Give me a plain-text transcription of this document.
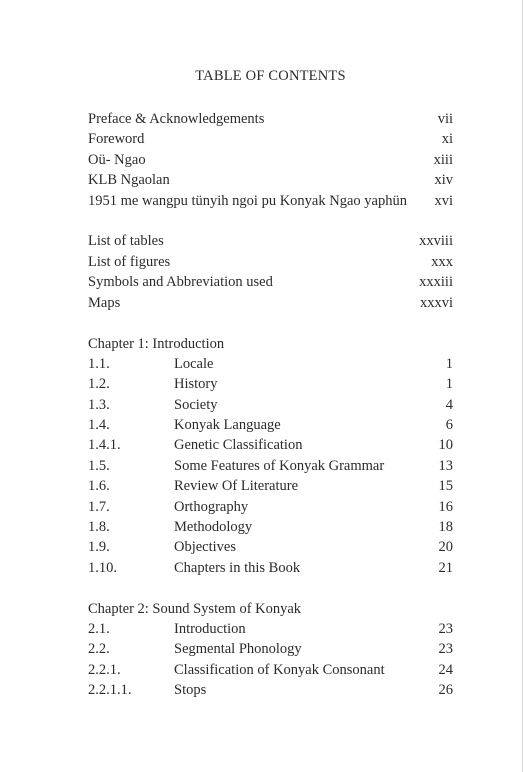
TABLE OF CONTENTS
Preface & Acknowledgements	vii
Foreword	xi
Oü- Ngao	xiii
KLB Ngaolan	xiv
1951 me wangpu tünyih ngoi pu Konyak Ngao yaphün xvi
List of tables	xxviii
List of figures	xxx
Symbols and Abbreviation used	xxxiii
Maps	xxxvi
Chapter 1: Introduction
1.1.	Locale	1
1.2.	History	1
1.3.	Society	4
1.4.	Konyak Language	6
1.4.1.	Genetic Classification	10
1.5.	Some Features of Konyak Grammar	13
1.6.	Review Of Literature	15
1.7.	Orthography	16
1.8.	Methodology	18
1.9.	Objectives	20
1.10.	Chapters in this Book	21
Chapter 2: Sound System of Konyak
2.1.	Introduction	23
2.2.	Segmental Phonology	23
2.2.1.	Classification of Konyak Consonant	24
2.2.1.1.	Stops	26
